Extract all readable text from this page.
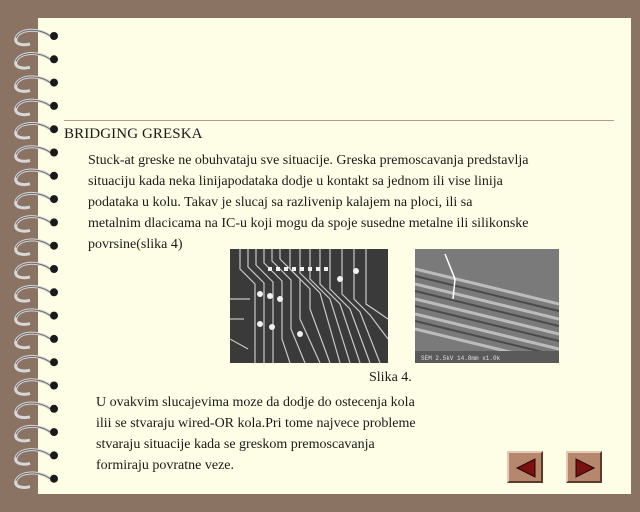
BRIDGING GRESKA
Stuck-at greske ne obuhvataju sve situacije. Greska premoscavanja predstavlja
situaciju kada neka linijapodataka dodje u kontakt sa jednom ili vise linija
podataka u kolu. Takav je slucaj sa razlivenip kalajem na ploci, ili sa
metalnim dlacicama na IC-u koji mogu da spoje susedne metalne ili silikonske
povrsine(slika 4)
SEM 2.5kV 14.8mm x1.0k
Slika 4.
U ovakvim slucajevima moze da dodje do ostecenja kola
ilii se stvaraju wired-OR kola.Pri tome najvece probleme
stvaraju situacije kada se greskom premoscavanja
formiraju povratne veze.
